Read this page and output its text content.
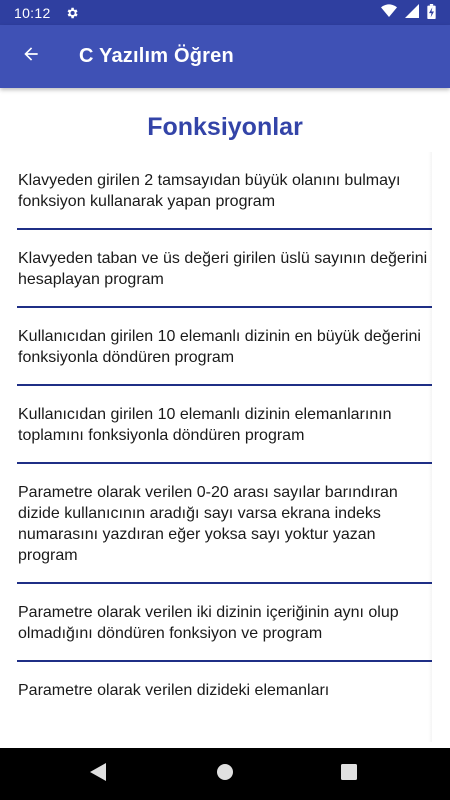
10:12
C Yazılım Öğren
Fonksiyonlar
Klavyeden girilen 2 tamsayıdan büyük olanını bulmayı fonksiyon kullanarak yapan program
Klavyeden taban ve üs değeri girilen üslü sayının değerini hesaplayan program
Kullanıcıdan girilen 10 elemanlı dizinin en büyük değerini fonksiyonla döndüren program
Kullanıcıdan girilen 10 elemanlı dizinin elemanlarının toplamını fonksiyonla döndüren program
Parametre olarak verilen 0-20 arası sayılar barındıran dizide kullanıcının aradığı sayı varsa ekrana indeks numarasını yazdıran eğer yoksa sayı yoktur yazan program
Parametre olarak verilen iki dizinin içeriğinin aynı olup olmadığını döndüren fonksiyon ve program
Parametre olarak verilen dizideki elemanları
